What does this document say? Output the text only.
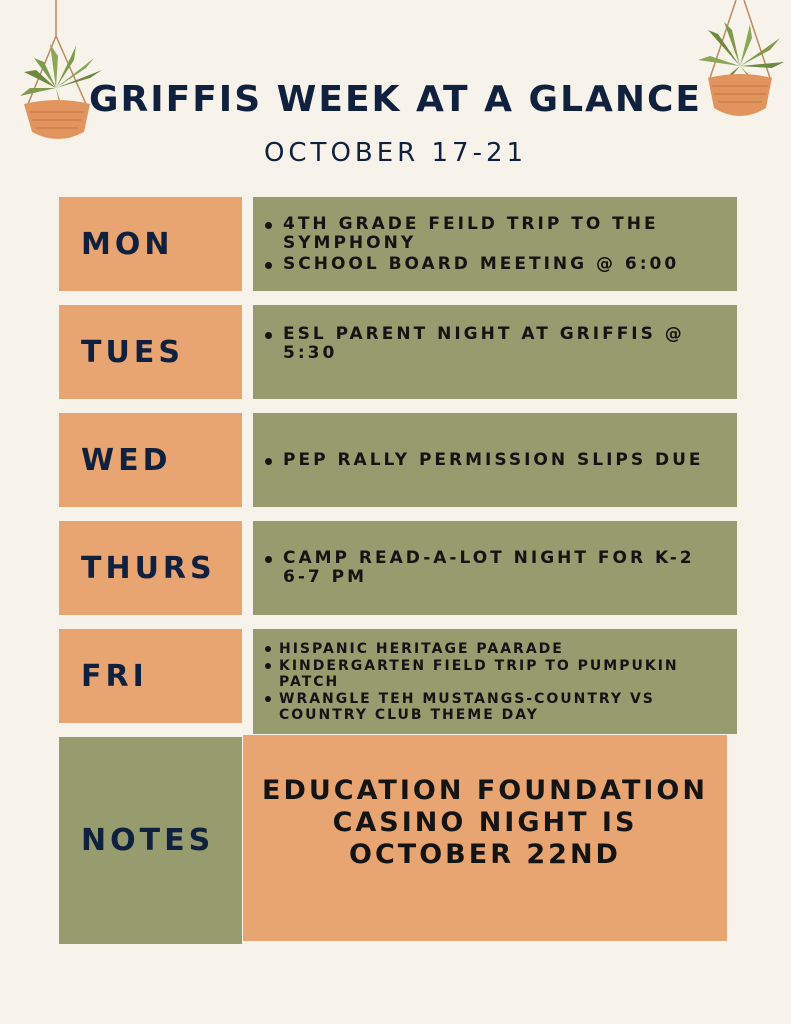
GRIFFIS WEEK AT A GLANCE
OCTOBER 17-21
MON
4TH GRADE FEILD TRIP TO THE SYMPHONY
SCHOOL BOARD MEETING @ 6:00
TUES
ESL PARENT NIGHT AT GRIFFIS @ 5:30
WED	PEP RALLY PERMISSION SLIPS DUE
THURS	CAMP READ-A-LOT NIGHT FOR K-2 6-7 PM
FRI
HISPANIC HERITAGE PAARADE
KINDERGARTEN FIELD TRIP TO PUMPUKIN PATCH
WRANGLE TEH MUSTANGS-COUNTRY VS COUNTRY CLUB THEME DAY
NOTES
EDUCATION FOUNDATION CASINO NIGHT IS OCTOBER 22ND
